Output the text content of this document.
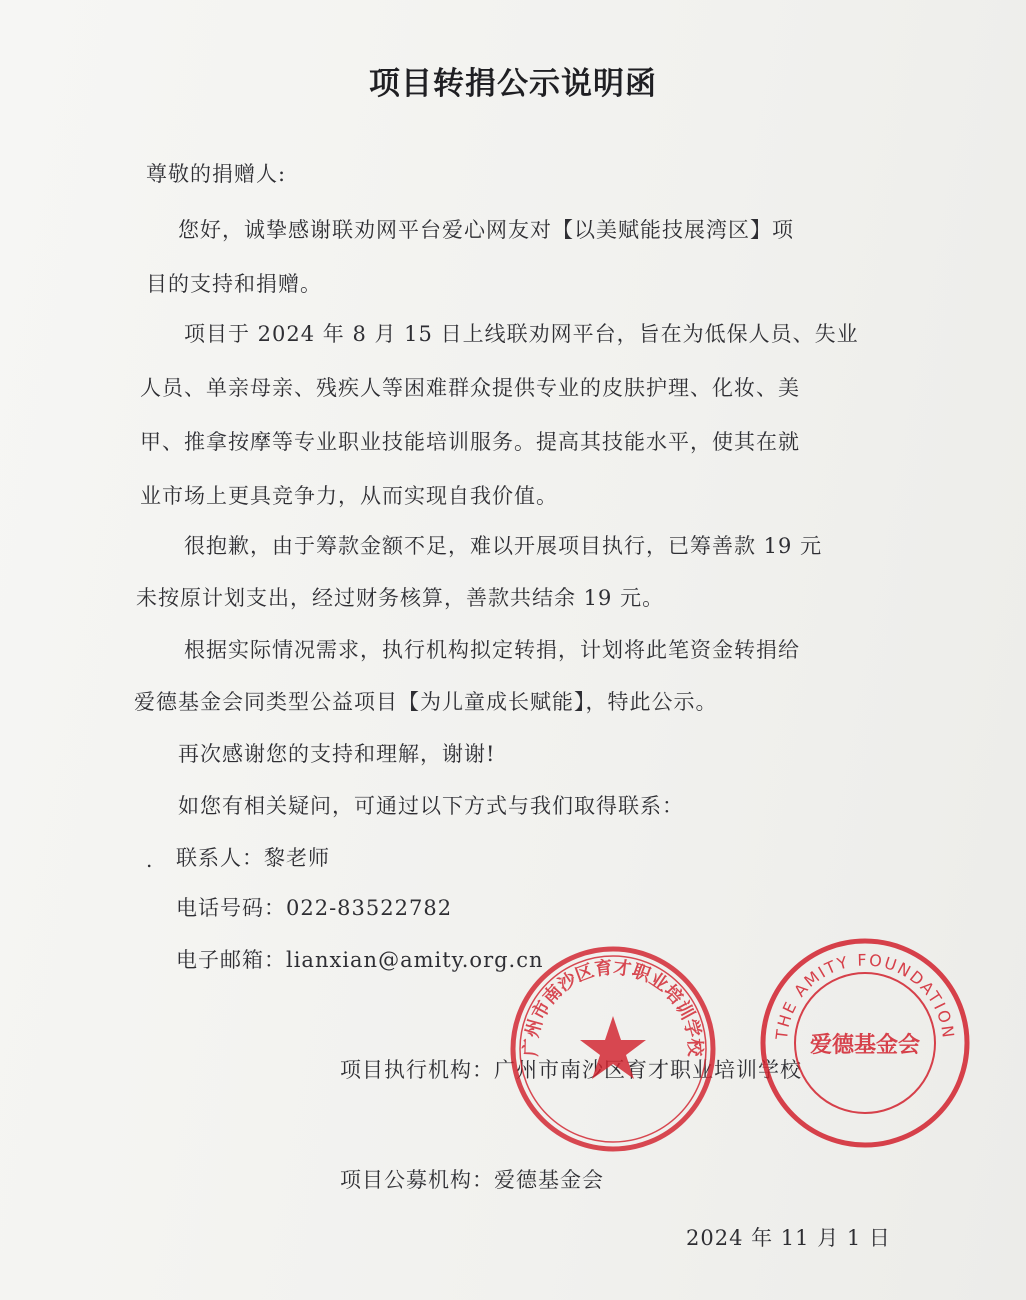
项目转捐公示说明函
尊敬的捐赠人:
您好，诚挚感谢联劝网平台爱心网友对【以美赋能技展湾区】项
目的支持和捐赠。
项目于 2024 年 8 月 15 日上线联劝网平台，旨在为低保人员、失业
人员、单亲母亲、残疾人等困难群众提供专业的皮肤护理、化妆、美
甲、推拿按摩等专业职业技能培训服务。提高其技能水平，使其在就
业市场上更具竞争力，从而实现自我价值。
很抱歉，由于筹款金额不足，难以开展项目执行，已筹善款 19 元
未按原计划支出，经过财务核算，善款共结余 19 元。
根据实际情况需求，执行机构拟定转捐，计划将此笔资金转捐给
爱德基金会同类型公益项目【为儿童成长赋能】，特此公示。
再次感谢您的支持和理解，谢谢!
如您有相关疑问，可通过以下方式与我们取得联系：
. 联系人：黎老师
电话号码：022-83522782
电子邮箱：lianxian@amity.org.cn
项目执行机构：广州市南沙区育才职业培训学校
项目公募机构：爱德基金会
2024 年 11 月 1 日
广州市南沙区育才职业培训学校
THE AMITY FOUNDATION
爱德基金会
